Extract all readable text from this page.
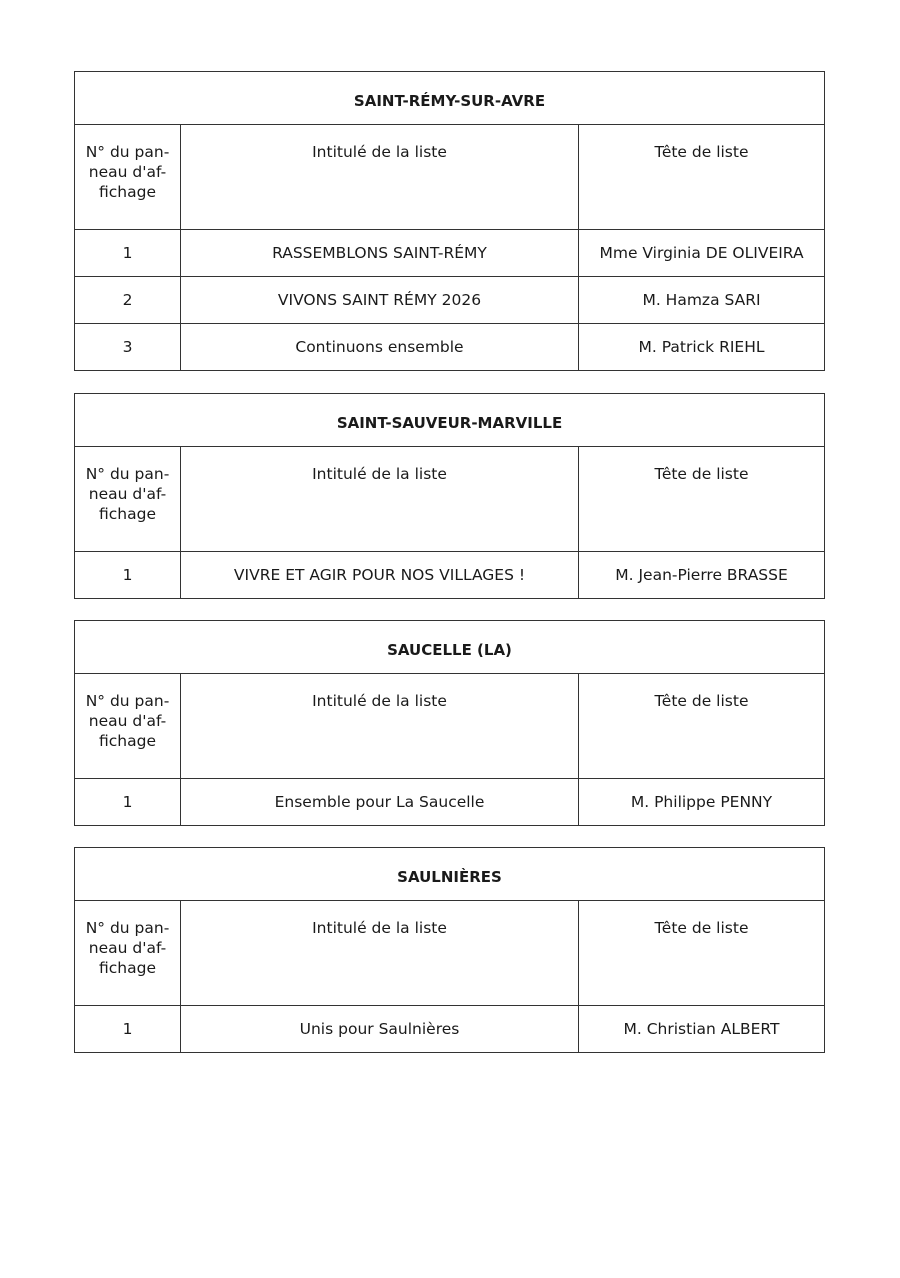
SAINT-RÉMY-SUR-AVRE		
N° du pan-
neau d'af-
fichage	Intitulé de la liste	Tête de liste
1	RASSEMBLONS SAINT-RÉMY	Mme Virginia DE OLIVEIRA
2	VIVONS SAINT RÉMY 2026	M. Hamza SARI
3	Continuons ensemble	M. Patrick RIEHL
SAINT-SAUVEUR-MARVILLE		
N° du pan-
neau d'af-
fichage	Intitulé de la liste	Tête de liste
1	VIVRE ET AGIR POUR NOS VILLAGES !	M. Jean-Pierre BRASSE
SAUCELLE (LA)		
N° du pan-
neau d'af-
fichage	Intitulé de la liste	Tête de liste
1	Ensemble pour La Saucelle	M. Philippe PENNY
SAULNIÈRES		
N° du pan-
neau d'af-
fichage	Intitulé de la liste	Tête de liste
1	Unis pour Saulnières	M. Christian ALBERT
